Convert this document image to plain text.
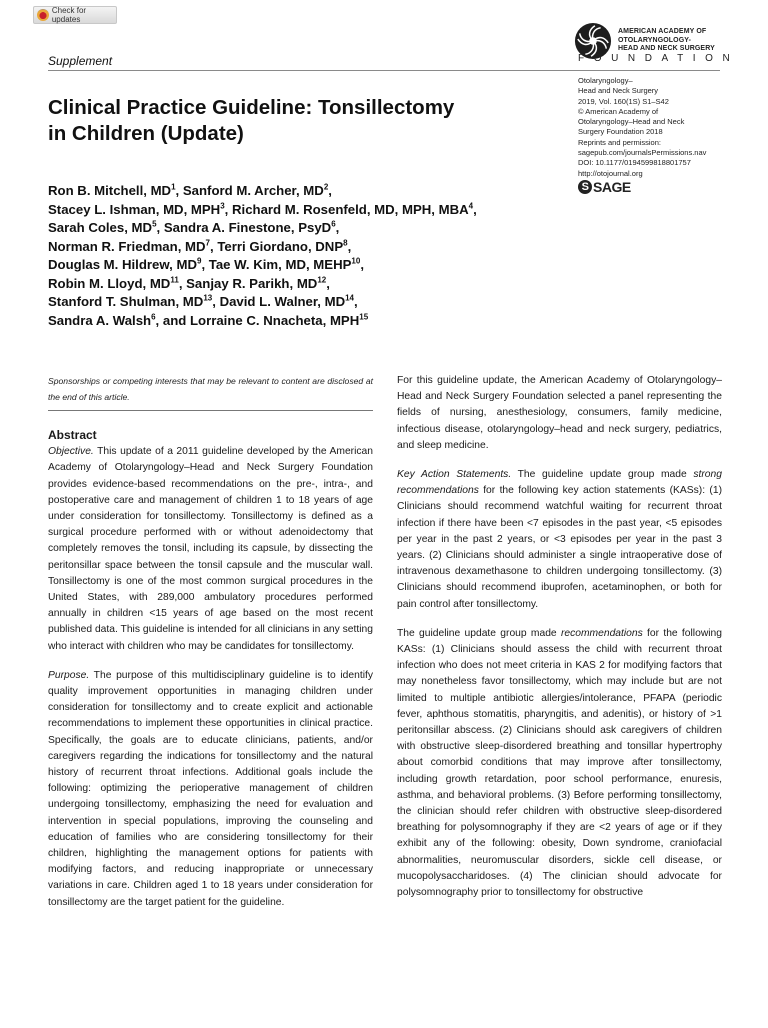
Check for updates
Supplement
AMERICAN ACADEMY OF
OTOLARYNGOLOGY-
HEAD AND NECK SURGERY
FOUNDATION
Otolaryngology–
Head and Neck Surgery
2019, Vol. 160(1S) S1–S42
© American Academy of
Otolaryngology–Head and Neck
Surgery Foundation 2018
Reprints and permission:
sagepub.com/journalsPermissions.nav
DOI: 10.1177/0194599818801757
http://otojournal.org
S SAGE
Clinical Practice Guideline: Tonsillectomy
in Children (Update)
Ron B. Mitchell, $MD^1$, Sanford M. Archer, $MD^2$,
Stacey L. Ishman, MD, MPH$^3$, Richard M. Rosenfeld, MD, MPH, MBA$^4$,
Sarah Coles, $MD^5$, Sandra A. Finestone, PsyD$^6$,
Norman R. Friedman, $MD^7$, Terri Giordano, DNP$^8$,
Douglas M. Hildrew, $MD^9$, Tae W. Kim, MD, MEHP$^{10}$,
Robin M. Lloyd, MD$^{11}$, Sanjay R. Parikh, MD$^{12}$,
Stanford T. Shulman, MD$^{13}$, David L. Walner, MD$^{14}$,
Sandra A. Walsh$^6$, and Lorraine C. Nnacheta, MPH$^{15}$
Sponsorships or competing interests that may be relevant to content are disclosed at the end of this article.
Abstract

Objective. This update of a 2011 guideline developed by the American Academy of Otolaryngology–Head and Neck Surgery Foundation provides evidence-based recommendations on the pre-, intra-, and postoperative care and management of children 1 to 18 years of age under consideration for tonsillectomy. Tonsillectomy is defined as a surgical procedure performed with or without adenoidectomy that completely removes the tonsil, including its capsule, by dissecting the peritonsillar space between the tonsil capsule and the muscular wall. Tonsillectomy is one of the most common surgical procedures in the United States, with 289,000 ambulatory procedures performed annually in children <15 years of age based on the most recent published data. This guideline is intended for all clinicians in any setting who interact with children who may be candidates for tonsillectomy.

Purpose. The purpose of this multidisciplinary guideline is to identify quality improvement opportunities in managing children under consideration for tonsillectomy and to create explicit and actionable recommendations to implement these opportunities in clinical practice. Specifically, the goals are to educate clinicians, patients, and/or caregivers regarding the indications for tonsillectomy and the natural history of recurrent throat infections. Additional goals include the following: optimizing the perioperative management of children undergoing tonsillectomy, emphasizing the need for evaluation and intervention in special populations, improving the counseling and education of families who are considering tonsillectomy for their children, highlighting the management options for patients with modifying factors, and reducing inappropriate or unnecessary variations in care. Children aged 1 to 18 years under consideration for tonsillectomy are the target patient for the guideline.

For this guideline update, the American Academy of Otolaryngology–Head and Neck Surgery Foundation selected a panel representing the fields of nursing, anesthesiology, consumers, family medicine, infectious disease, otolaryngology–head and neck surgery, pediatrics, and sleep medicine.

Key Action Statements. The guideline update group made strong recommendations for the following key action statements (KASs): (1) Clinicians should recommend watchful waiting for recurrent throat infection if there have been <7 episodes in the past year, <5 episodes per year in the past 2 years, or <3 episodes per year in the past 3 years. (2) Clinicians should administer a single intraoperative dose of intravenous dexamethasone to children undergoing tonsillectomy. (3) Clinicians should recommend ibuprofen, acetaminophen, or both for pain control after tonsillectomy.

The guideline update group made recommendations for the following KASs: (1) Clinicians should assess the child with recurrent throat infection who does not meet criteria in KAS 2 for modifying factors that may nonetheless favor tonsillectomy, which may include but are not limited to multiple antibiotic allergies/intolerance, PFAPA (periodic fever, aphthous stomatitis, pharyngitis, and adenitis), or history of >1 peritonsillar abscess. (2) Clinicians should ask caregivers of children with obstructive sleep-disordered breathing and tonsillar hypertrophy about comorbid conditions that may improve after tonsillectomy, including growth retardation, poor school performance, enuresis, asthma, and behavioral problems. (3) Before performing tonsillectomy, the clinician should refer children with obstructive sleep-disordered breathing for polysomnography if they are <2 years of age or if they exhibit any of the following: obesity, Down syndrome, craniofacial abnormalities, neuromuscular disorders, sickle cell disease, or mucopolysaccharidoses. (4) The clinician should advocate for polysomnography prior to tonsillectomy for obstructive
